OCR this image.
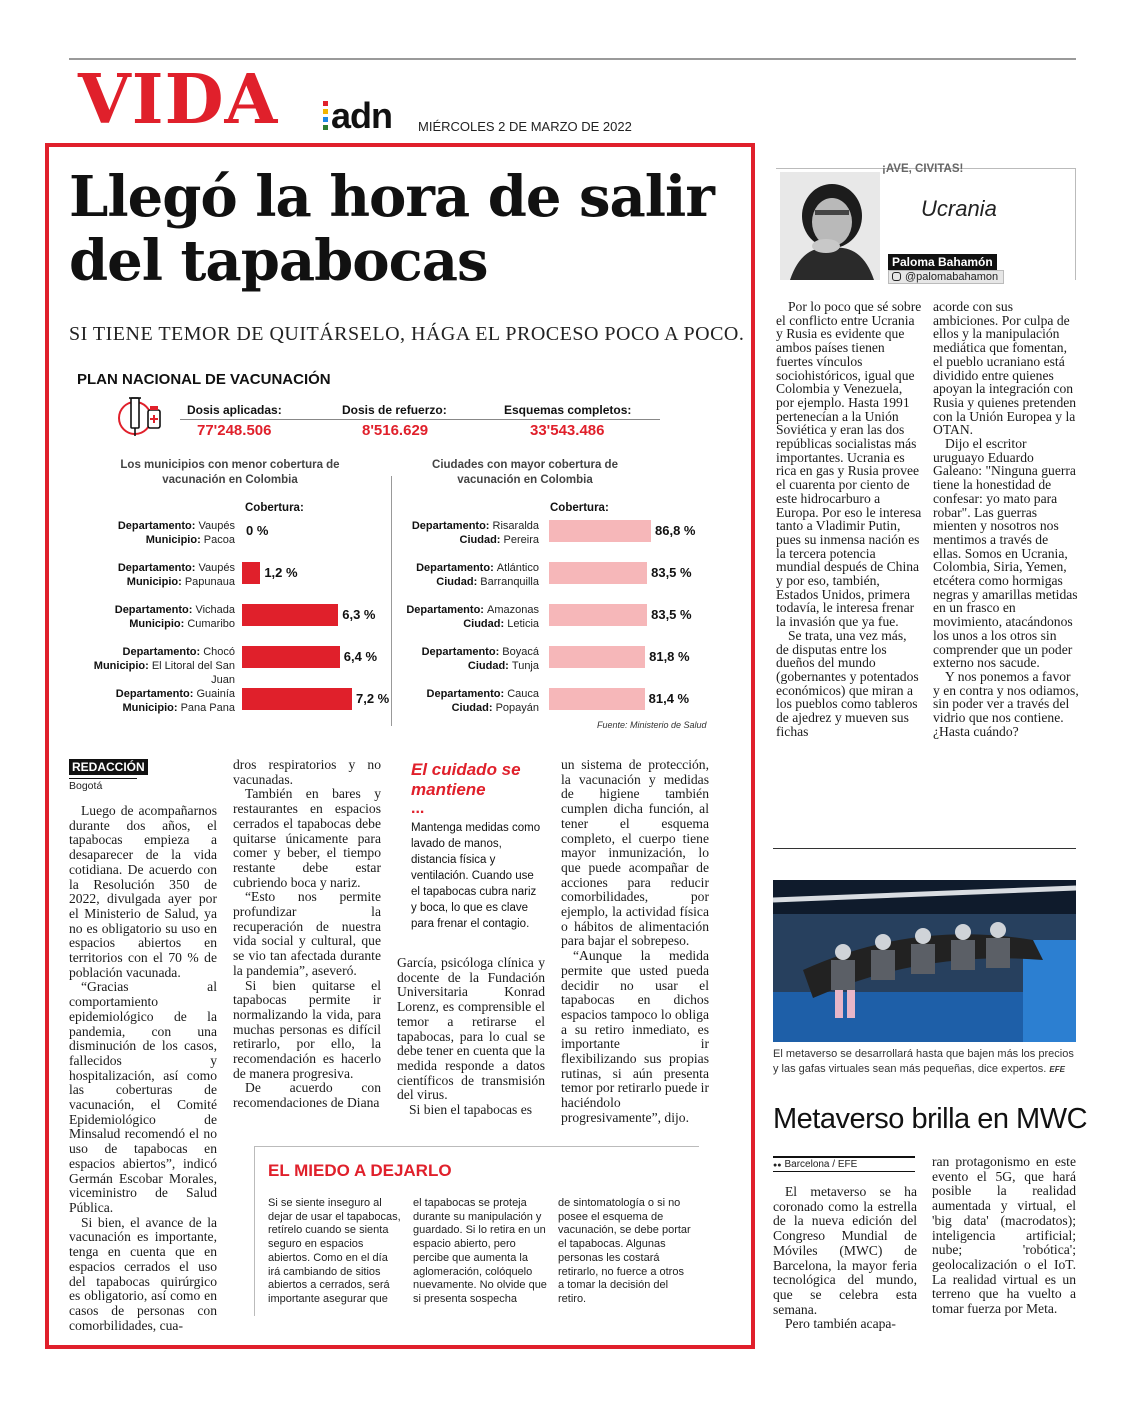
VIDA adn MIÉRCOLES 2 DE MARZO DE 2022
Llegó la hora de salir del tapabocas
SI TIENE TEMOR DE QUITÁRSELO, HÁGA EL PROCESO POCO A POCO.
PLAN NACIONAL DE VACUNACIÓN
Dosis aplicadas:
77'248.506
Dosis de refuerzo:
8'516.629
Esquemas completos:
33'543.486
Los municipios con menor cobertura de vacunación en Colombia
Ciudades con mayor cobertura de vacunación en Colombia
Cobertura:	Cobertura:
Departamento: Vaupés
Municipio: Pacoa
0 %
Departamento: Vaupés
Municipio: Papunaua
1,2 %
Departamento: Vichada
Municipio: Cumaribo
6,3 %
Departamento: Chocó
Municipio: El Litoral del San Juan
6,4 %
Departamento: Guainía
Municipio: Pana Pana
7,2 %
Departamento: Risaralda
Ciudad: Pereira
86,8 %
Departamento: Atlántico
Ciudad: Barranquilla
83,5 %
Departamento: Amazonas
Ciudad: Leticia
83,5 %
Departamento: Boyacá
Ciudad: Tunja
81,8 %
Departamento: Cauca
Ciudad: Popayán
81,4 %
Fuente: Ministerio de Salud
REDACCIÓN
Bogotá

Luego de acompañarnos durante dos años, el tapabocas empieza a desaparecer de la vida cotidiana. De acuerdo con la Resolución 350 de 2022, divulgada ayer por el Ministerio de Salud, ya no es obligatorio su uso en espacios abiertos en territorios con el 70 % de población vacunada.

“Gracias al comportamiento epidemiológico de la pandemia, con una disminución de los casos, fallecidos y hospitalización, así como las coberturas de vacunación, el Comité Epidemiológico de Minsalud recomendó el no uso de tapabocas en espacios abiertos”, indicó Germán Escobar Morales, viceministro de Salud Pública.

Si bien, el avance de la vacunación es importante, tenga en cuenta que en espacios cerrados el uso del tapabocas quirúrgico es obligatorio, así como en casos de personas con comorbilidades, cua-

dros respiratorios y no vacunadas.

También en bares y restaurantes en espacios cerrados el tapabocas debe quitarse únicamente para comer y beber, el tiempo restante debe estar cubriendo boca y nariz.

“Esto nos permite profundizar la recuperación de nuestra vida social y cultural, que se vio tan afectada durante la pandemia”, aseveró.

Si bien quitarse el tapabocas permite ir normalizando la vida, para muchas personas es difícil retirarlo, por ello, la recomendación es hacerlo de manera progresiva.

De acuerdo con recomendaciones de Diana

El cuidado se mantiene
...
Mantenga medidas como lavado de manos, distancia física y ventilación. Cuando use el tapabocas cubra nariz y boca, lo que es clave para frenar el contagio.

García, psicóloga clínica y docente de la Fundación Universitaria Konrad Lorenz, es comprensible el temor a retirarse el tapabocas, para lo cual se debe tener en cuenta que la medida responde a datos científicos de transmisión del virus.

Si bien el tapabocas es

un sistema de protección, la vacunación y medidas de higiene también cumplen dicha función, al tener el esquema completo, el cuerpo tiene mayor inmunización, lo que puede acompañar de acciones para reducir comorbilidades, por ejemplo, la actividad física o hábitos de alimentación para bajar el sobrepeso.

“Aunque la medida permite que usted pueda decidir no usar el tapabocas en dichos espacios tampoco lo obliga a su retiro inmediato, es importante ir flexibilizando sus propias rutinas, si aún presenta temor por retirarlo puede ir haciéndolo progresivamente”, dijo.

EL MIEDO A DEJARLO
Si se siente inseguro al dejar de usar el tapabocas, retírelo cuando se sienta seguro en espacios abiertos. Como en el día irá cambiando de sitios abiertos a cerrados, será importante asegurar que
el tapabocas se proteja durante su manipulación y guardado. Si lo retira en un espacio abierto, pero percibe que aumenta la aglomeración, colóquelo nuevamente. No olvide que si presenta sospecha
de sintomatología o si no posee el esquema de vacunación, se debe portar el tapabocas. Algunas personas les costará retirarlo, no fuerce a otros a tomar la decisión del retiro.
¡AVE, CIVITAS!
Ucrania
Paloma Bahamón
@palomabahamon

Por lo poco que sé sobre el conflicto entre Ucrania y Rusia es evidente que ambos países tienen fuertes vínculos sociohistóricos, igual que Colombia y Venezuela, por ejemplo. Hasta 1991 pertenecían a la Unión Soviética y eran las dos repúblicas socialistas más importantes. Ucrania es rica en gas y Rusia provee el cuarenta por ciento de este hidrocarburo a Europa. Por eso le interesa tanto a Vladimir Putin, pues su inmensa nación es la tercera potencia mundial después de China y por eso, también, Estados Unidos, primera todavía, le interesa frenar la invasión que ya fue.

Se trata, una vez más, de disputas entre los dueños del mundo (gobernantes y potentados económicos) que miran a los pueblos como tableros de ajedrez y mueven sus fichas

acorde con sus ambiciones. Por culpa de ellos y la manipulación mediática que fomentan, el pueblo ucraniano está dividido entre quienes apoyan la integración con Rusia y quienes pretenden con la Unión Europea y la OTAN.

Dijo el escritor uruguayo Eduardo Galeano: "Ninguna guerra tiene la honestidad de confesar: yo mato para robar". Las guerras mienten y nosotros nos mentimos a través de ellas. Somos en Ucrania, Colombia, Siria, Yemen, etcétera como hormigas negras y amarillas metidas en un frasco en movimiento, atacándonos los unos a los otros sin comprender que un poder externo nos sacude.

Y nos ponemos a favor y en contra y nos odiamos, sin poder ver a través del vidrio que nos contiene. ¿Hasta cuándo?

El metaverso se desarrollará hasta que bajen más los precios y las gafas virtuales sean más pequeñas, dice expertos. EFE
Metaverso brilla en MWC
●● Barcelona / EFE

El metaverso se ha coronado como la estrella de la nueva edición del Congreso Mundial de Móviles (MWC) de Barcelona, la mayor feria tecnológica del mundo, que se celebra esta semana.

Pero también acapa-

ran protagonismo en este evento el 5G, que hará posible la realidad aumentada y virtual, el 'big data' (macrodatos); inteligencia artificial; nube; 'robótica'; geolocalización o el IoT. La realidad virtual es un terreno que ha vuelto a tomar fuerza por Meta.
